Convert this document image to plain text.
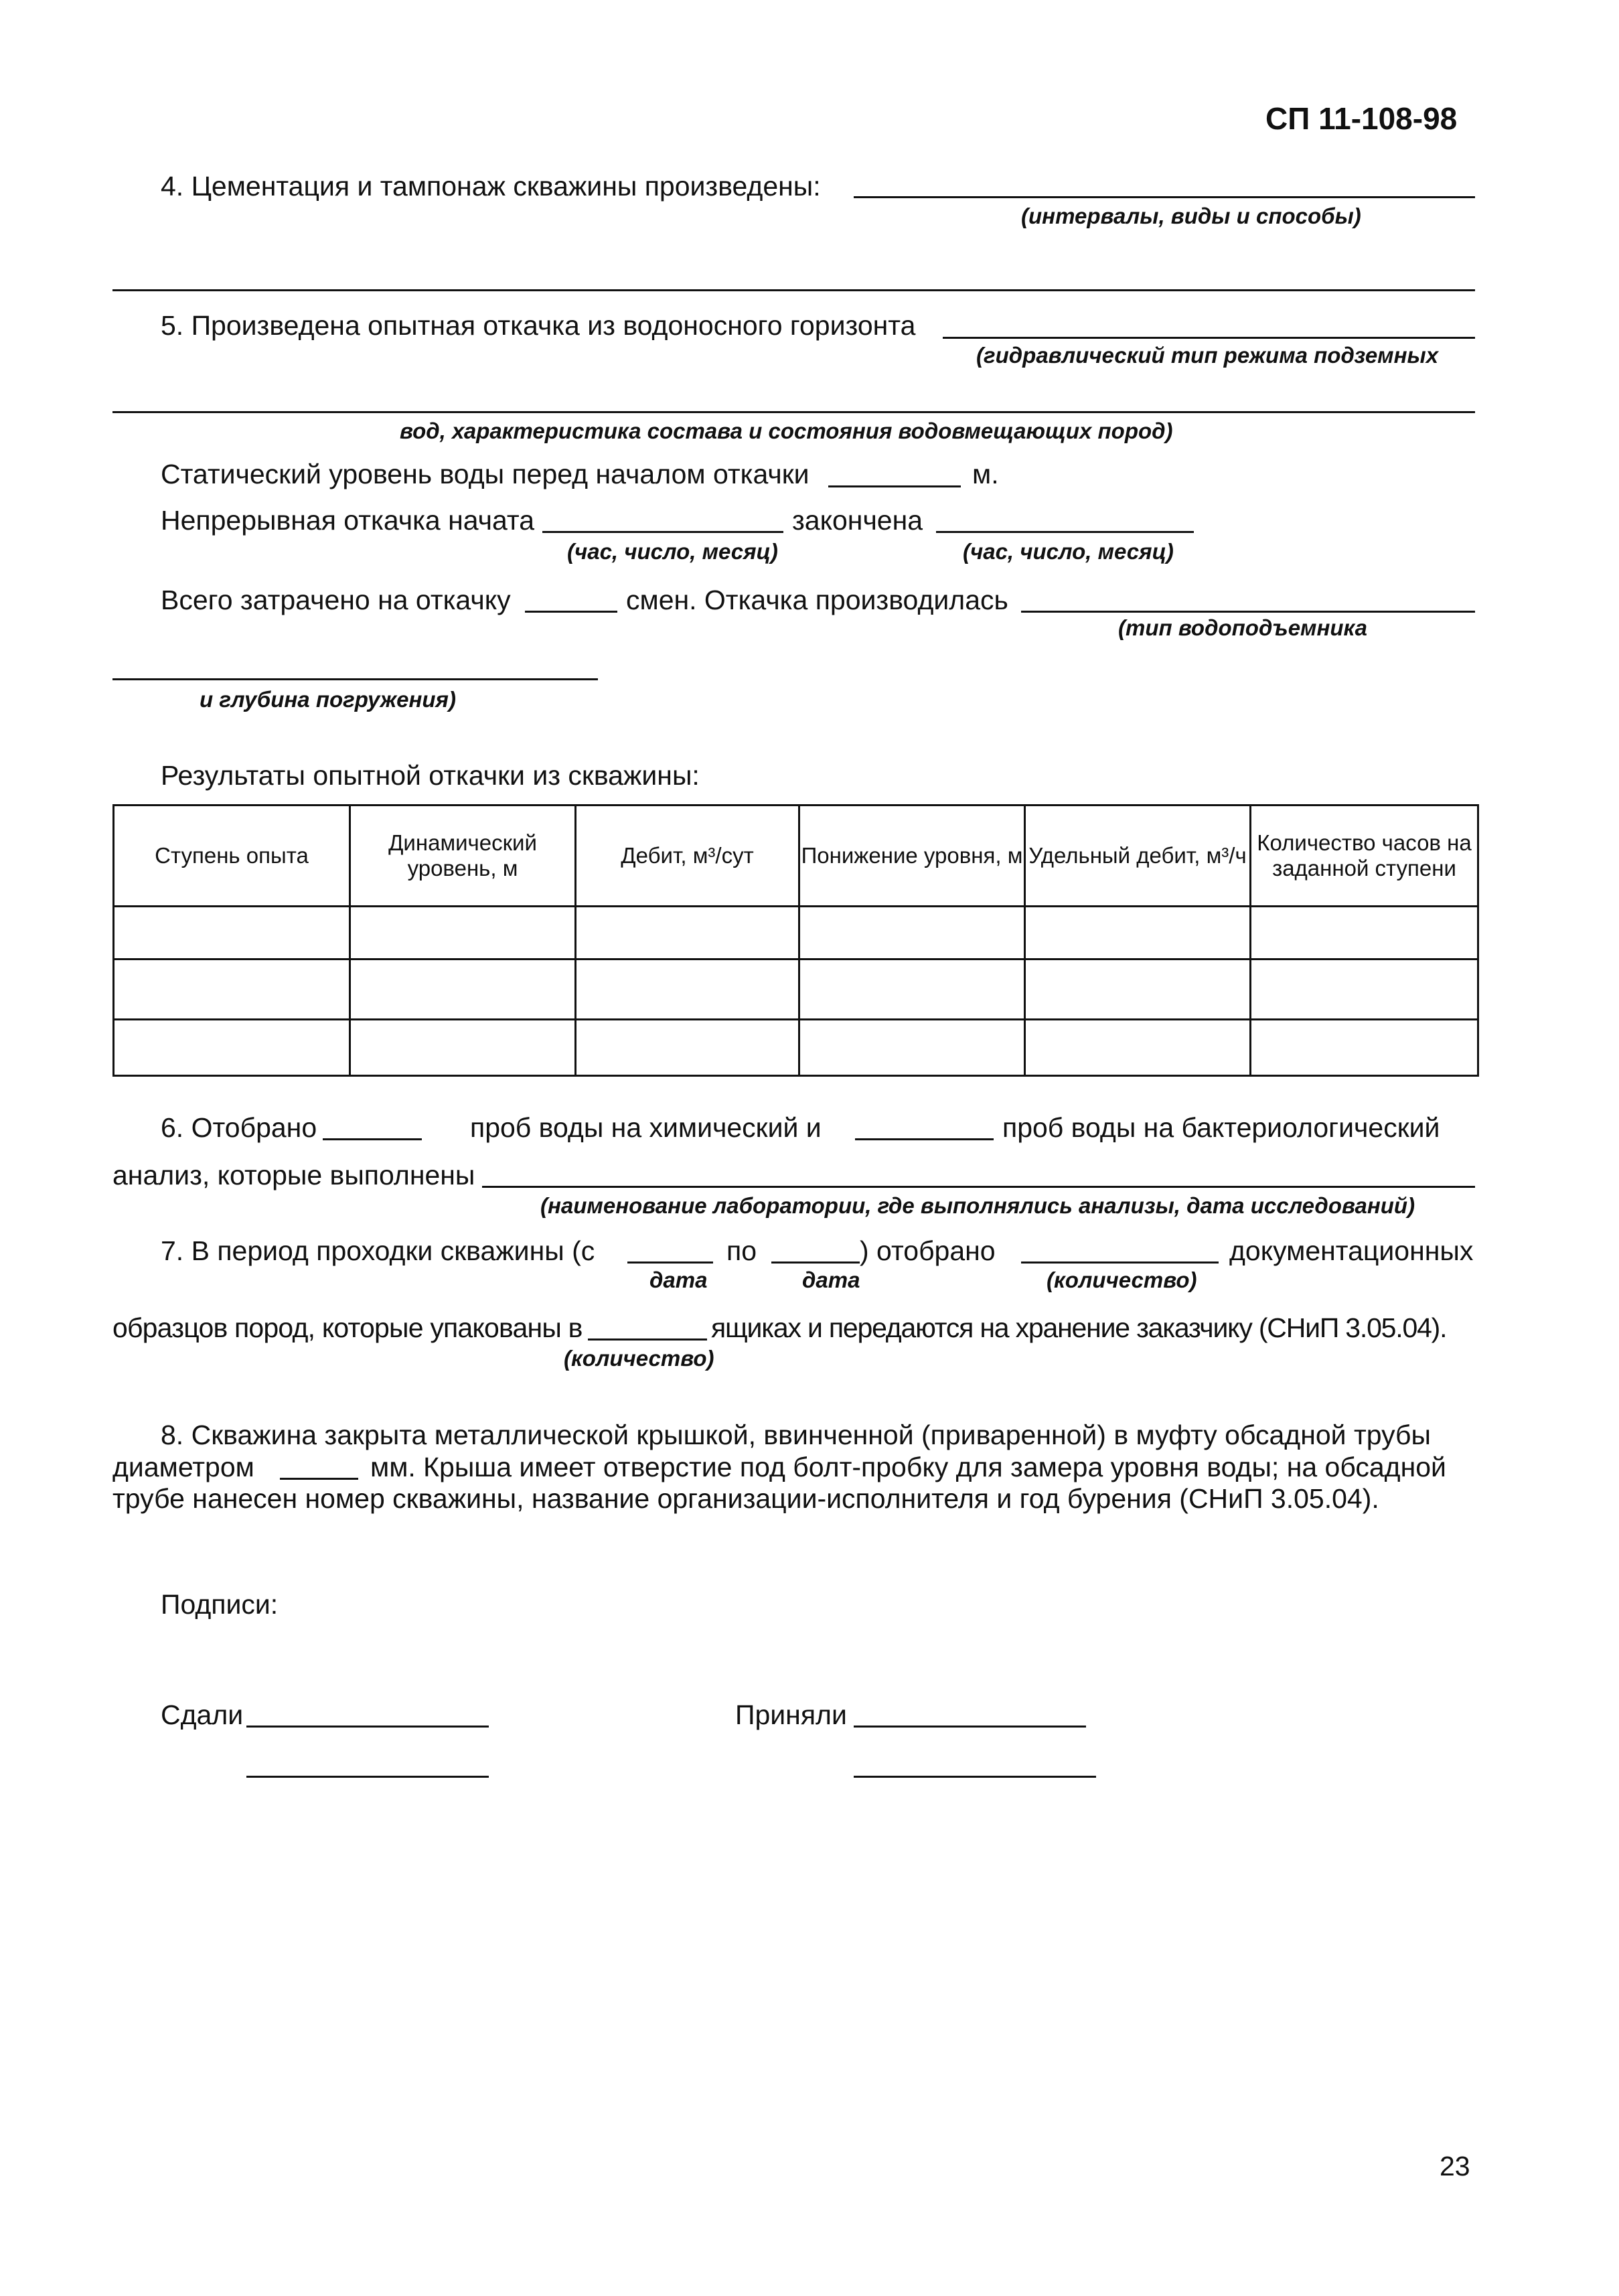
СП 11-108-98
4. Цементация и тампонаж скважины произведены:
(интервалы, виды и способы)
5. Произведена опытная откачка из водоносного горизонта
(гидравлический тип режима подземных
вод, характеристика состава и состояния водовмещающих пород)
Статический уровень воды перед началом откачки	м.
Непрерывная откачка начата	закончена
(час, число, месяц)	(час, число, месяц)
Всего затрачено на откачку	смен. Откачка производилась
(тип водоподъемника
и глубина погружения)
Результаты опытной откачки из скважины:
Ступень опыта	Динамический уровень, м	Дебит, м³/сут	Понижение уровня, м	Удельный дебит, м³/ч	Количество часов на заданной ступени

6. Отобрано	проб воды на химический и	проб воды на бактериологический
анализ, которые выполнены
(наименование лаборатории, где выполнялись анализы, дата исследований)
7. В период проходки скважины (с	по	) отобрано	документационных
дата	дата	(количество)
образцов пород, которые упакованы в	ящиках и передаются на хранение заказчику (СНиП 3.05.04).
(количество)
8. Скважина закрыта металлической крышкой, ввинченной (приваренной) в муфту обсадной трубы
диаметром	мм. Крыша имеет отверстие под болт-пробку для замера уровня воды; на обсадной
трубе нанесен номер скважины, название организации-исполнителя и год бурения (СНиП 3.05.04).
Подписи:
Сдали	Приняли
23
